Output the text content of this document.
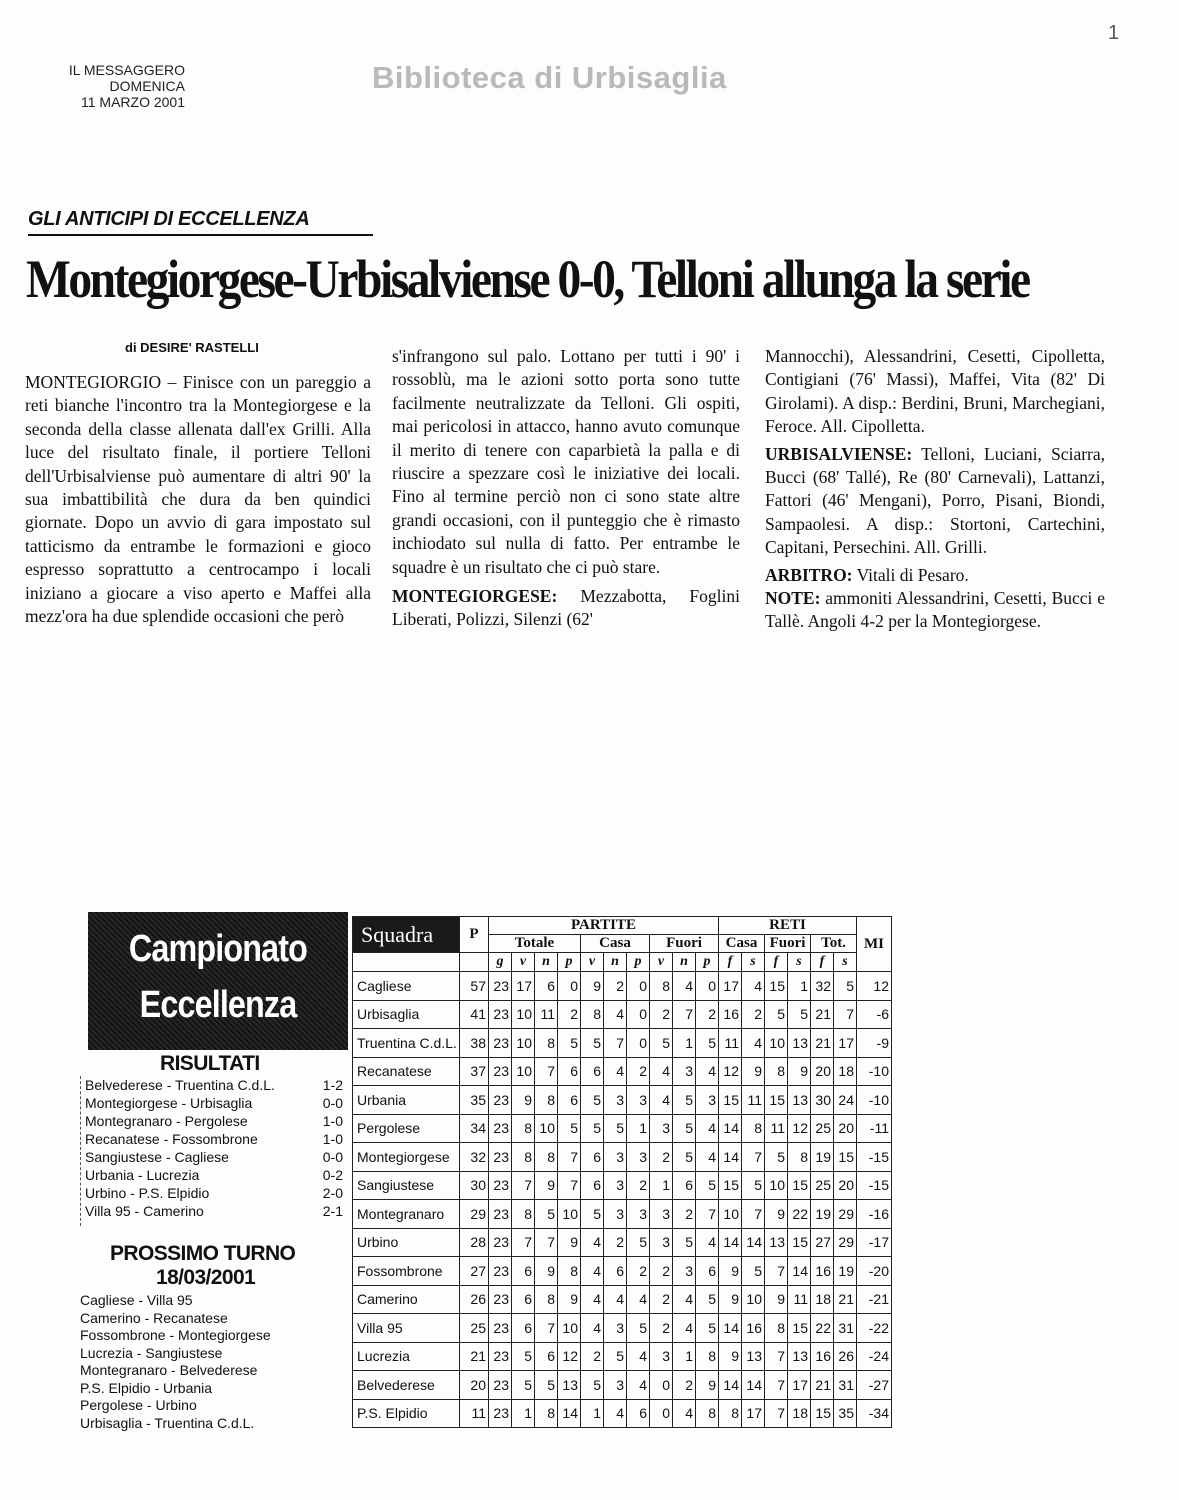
IL MESSAGGERO
DOMENICA
11 MARZO 2001
Biblioteca di Urbisaglia
1
GLI ANTICIPI DI ECCELLENZA
Montegiorgese-Urbisalviense 0-0, Telloni allunga la serie
di DESIRE' RASTELLI

MONTEGIORGIO – Finisce con un pareggio a reti bianche l'incontro tra la Montegiorgese e la seconda della classe allenata dall'ex Grilli. Alla luce del risultato finale, il portiere Telloni dell'Urbisalviense può aumentare di altri 90' la sua imbattibilità che dura da ben quindici giornate. Dopo un avvio di gara impostato sul tatticismo da entrambe le formazioni e gioco espresso soprattutto a centrocampo i locali iniziano a giocare a viso aperto e Maffei alla mezz'ora ha due splendide occasioni che però

s'infrangono sul palo. Lottano per tutti i 90' i rossoblù, ma le azioni sotto porta sono tutte facilmente neutralizzate da Telloni. Gli ospiti, mai pericolosi in attacco, hanno avuto comunque il merito di tenere con caparbietà la palla e di riuscire a spezzare così le iniziative dei locali. Fino al termine perciò non ci sono state altre grandi occasioni, con il punteggio che è rimasto inchiodato sul nulla di fatto. Per entrambe le squadre è un risultato che ci può stare.

MONTEGIORGESE: Mezzabotta, Foglini Liberati, Polizzi, Silenzi (62'

Mannocchi), Alessandrini, Cesetti, Cipolletta, Contigiani (76' Massi), Maffei, Vita (82' Di Girolami). A disp.: Berdini, Bruni, Marchegiani, Feroce. All. Cipolletta.

URBISALVIENSE: Telloni, Luciani, Sciarra, Bucci (68' Tallé), Re (80' Carnevali), Lattanzi, Fattori (46' Mengani), Porro, Pisani, Biondi, Sampaolesi. A disp.: Stortoni, Cartechini, Capitani, Persechini. All. Grilli.

ARBITRO: Vitali di Pesaro.

NOTE: ammoniti Alessandrini, Cesetti, Bucci e Tallè. Angoli 4-2 per la Montegiorgese.

Campionato
Eccellenza
RISULTATI
Belvederese - Truentina C.d.L.	1-2
Montegiorgese - Urbisaglia	0-0
Montegranaro - Pergolese	1-0
Recanatese - Fossombrone	1-0
Sangiustese - Cagliese	0-0
Urbania - Lucrezia	0-2
Urbino - P.S. Elpidio	2-0
Villa 95 - Camerino	2-1
PROSSIMO TURNO
18/03/2001
Cagliese - Villa 95
Camerino - Recanatese
Fossombrone - Montegiorgese
Lucrezia - Sangiustese
Montegranaro - Belvederese
P.S. Elpidio - Urbania
Pergolese - Urbino
Urbisaglia - Truentina C.d.L.
Squadra	P	PARTITE										RETI						MI
		Totale				Casa			Fuori			Casa		Fuori		Tot.		
		g	v	n	p	v	n	p	v	n	p	f	s	f	s	f	s	
Cagliese	57	23	17	6	0	9	2	0	8	4	0	17	4	15	1	32	5	12
Urbisaglia	41	23	10	11	2	8	4	0	2	7	2	16	2	5	5	21	7	-6
Truentina C.d.L.	38	23	10	8	5	5	7	0	5	1	5	11	4	10	13	21	17	-9
Recanatese	37	23	10	7	6	6	4	2	4	3	4	12	9	8	9	20	18	-10
Urbania	35	23	9	8	6	5	3	3	4	5	3	15	11	15	13	30	24	-10
Pergolese	34	23	8	10	5	5	5	1	3	5	4	14	8	11	12	25	20	-11
Montegiorgese	32	23	8	8	7	6	3	3	2	5	4	14	7	5	8	19	15	-15
Sangiustese	30	23	7	9	7	6	3	2	1	6	5	15	5	10	15	25	20	-15
Montegranaro	29	23	8	5	10	5	3	3	3	2	7	10	7	9	22	19	29	-16
Urbino	28	23	7	7	9	4	2	5	3	5	4	14	14	13	15	27	29	-17
Fossombrone	27	23	6	9	8	4	6	2	2	3	6	9	5	7	14	16	19	-20
Camerino	26	23	6	8	9	4	4	4	2	4	5	9	10	9	11	18	21	-21
Villa 95	25	23	6	7	10	4	3	5	2	4	5	14	16	8	15	22	31	-22
Lucrezia	21	23	5	6	12	2	5	4	3	1	8	9	13	7	13	16	26	-24
Belvederese	20	23	5	5	13	5	3	4	0	2	9	14	14	7	17	21	31	-27
P.S. Elpidio	11	23	1	8	14	1	4	6	0	4	8	8	17	7	18	15	35	-34
